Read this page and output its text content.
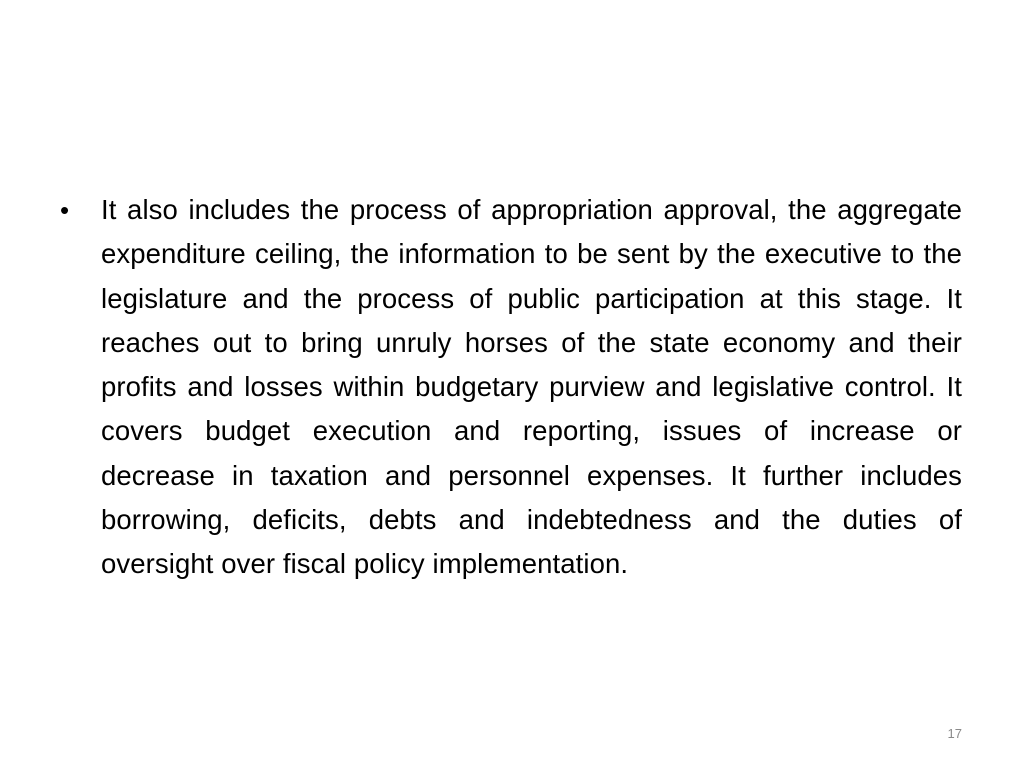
•	It also includes the process of appropriation approval, the aggregate expenditure ceiling, the information to be sent by the executive to the legislature and the process of public participation at this stage. It reaches out to bring unruly horses of the state economy and their profits and losses within budgetary purview and legislative control. It covers budget execution and reporting, issues of increase or decrease in taxation and personnel expenses. It further includes borrowing, deficits, debts and indebtedness and the duties of oversight over fiscal policy implementation.
17
